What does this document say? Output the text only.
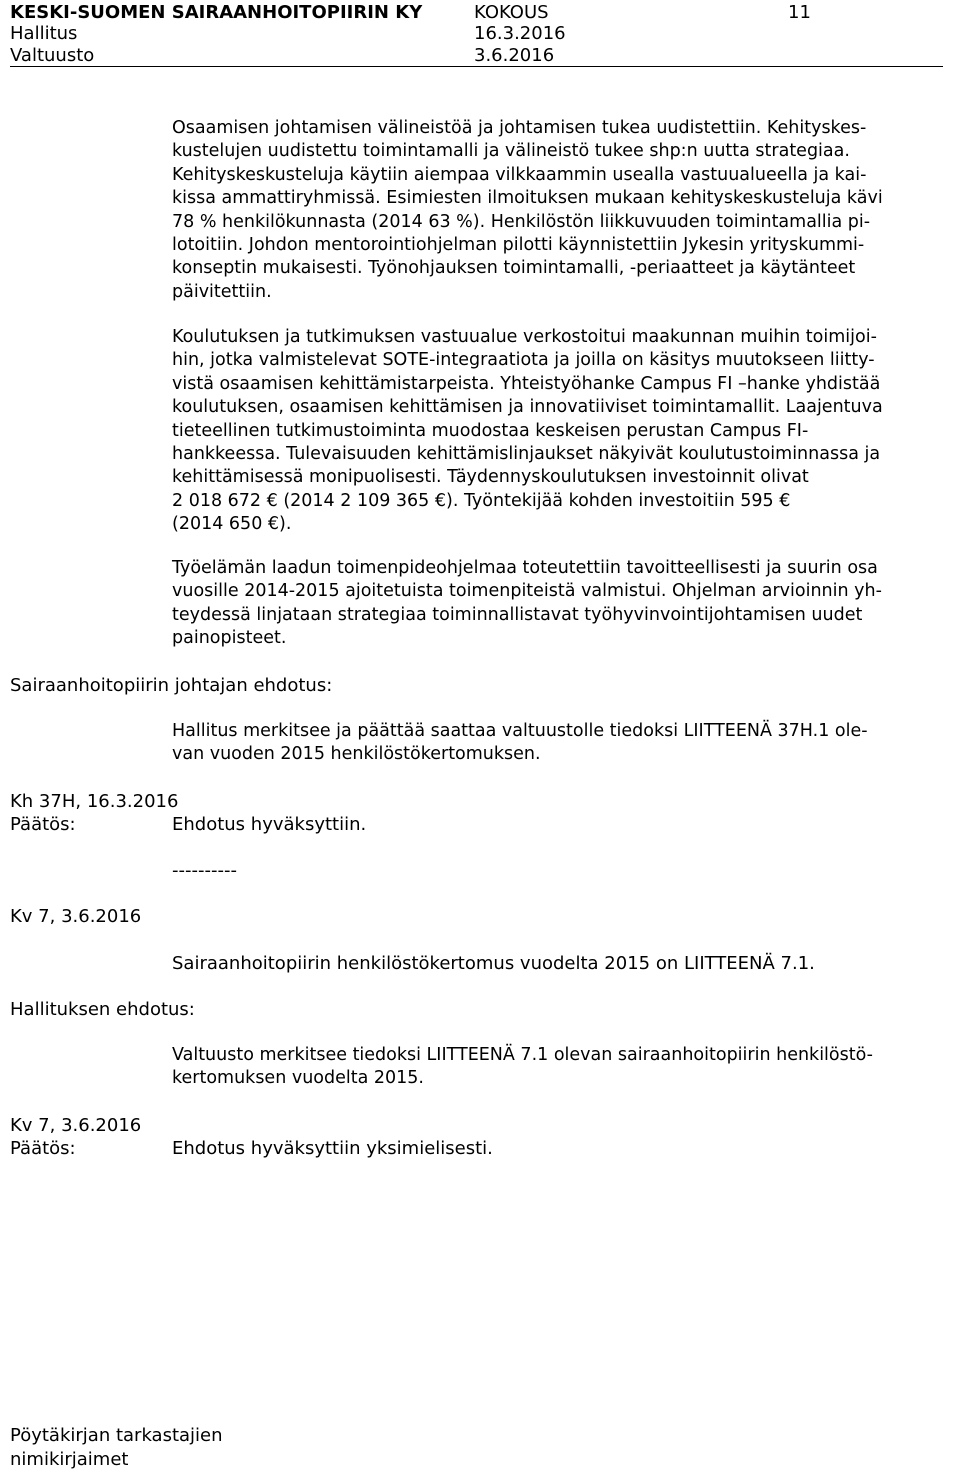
KESKI-SUOMEN SAIRAANHOITOPIIRIN KY	KOKOUS	11
Hallitus	16.3.2016
Valtuusto	3.6.2016

Osaamisen johtamisen välineistöä ja johtamisen tukea uudistettiin. Kehityskes-
kustelujen uudistettu toimintamalli ja välineistö tukee shp:n uutta strategiaa.
Kehityskeskusteluja käytiin aiempaa vilkkaammin usealla vastuualueella ja kai-
kissa ammattiryhmissä. Esimiesten ilmoituksen mukaan kehityskeskusteluja kävi
78 % henkilökunnasta (2014 63 %). Henkilöstön liikkuvuuden toimintamallia pi-
lotoitiin. Johdon mentorointiohjelman pilotti käynnistettiin Jykesin yrityskummi-
konseptin mukaisesti. Työnohjauksen toimintamalli, -periaatteet ja käytänteet
päivitettiin.

Koulutuksen ja tutkimuksen vastuualue verkostoitui maakunnan muihin toimijoi-
hin, jotka valmistelevat SOTE-integraatiota ja joilla on käsitys muutokseen liitty-
vistä osaamisen kehittämistarpeista. Yhteistyöhanke Campus FI –hanke yhdistää
koulutuksen, osaamisen kehittämisen ja innovatiiviset toimintamallit. Laajentuva
tieteellinen tutkimustoiminta muodostaa keskeisen perustan Campus FI-
hankkeessa. Tulevaisuuden kehittämislinjaukset näkyivät koulutustoiminnassa ja
kehittämisessä monipuolisesti. Täydennyskoulutuksen investoinnit olivat
2 018 672 € (2014 2 109 365 €). Työntekijää kohden investoitiin 595 €
(2014 650 €).

Työelämän laadun toimenpideohjelmaa toteutettiin tavoitteellisesti ja suurin osa
vuosille 2014-2015 ajoitetuista toimenpiteistä valmistui. Ohjelman arvioinnin yh-
teydessä linjataan strategiaa toiminnallistavat työhyvinvointijohtamisen uudet
painopisteet.

Sairaanhoitopiirin johtajan ehdotus:

Hallitus merkitsee ja päättää saattaa valtuustolle tiedoksi LIITTEENÄ 37H.1 ole-
van vuoden 2015 henkilöstökertomuksen.

Kh 37H, 16.3.2016
Päätös:	Ehdotus hyväksyttiin.
----------
Kv 7, 3.6.2016
Sairaanhoitopiirin henkilöstökertomus vuodelta 2015 on LIITTEENÄ 7.1.
Hallituksen ehdotus:

Valtuusto merkitsee tiedoksi LIITTEENÄ 7.1 olevan sairaanhoitopiirin henkilöstö-
kertomuksen vuodelta 2015.

Kv 7, 3.6.2016
Päätös:	Ehdotus hyväksyttiin yksimielisesti.
Pöytäkirjan tarkastajien
nimikirjaimet
